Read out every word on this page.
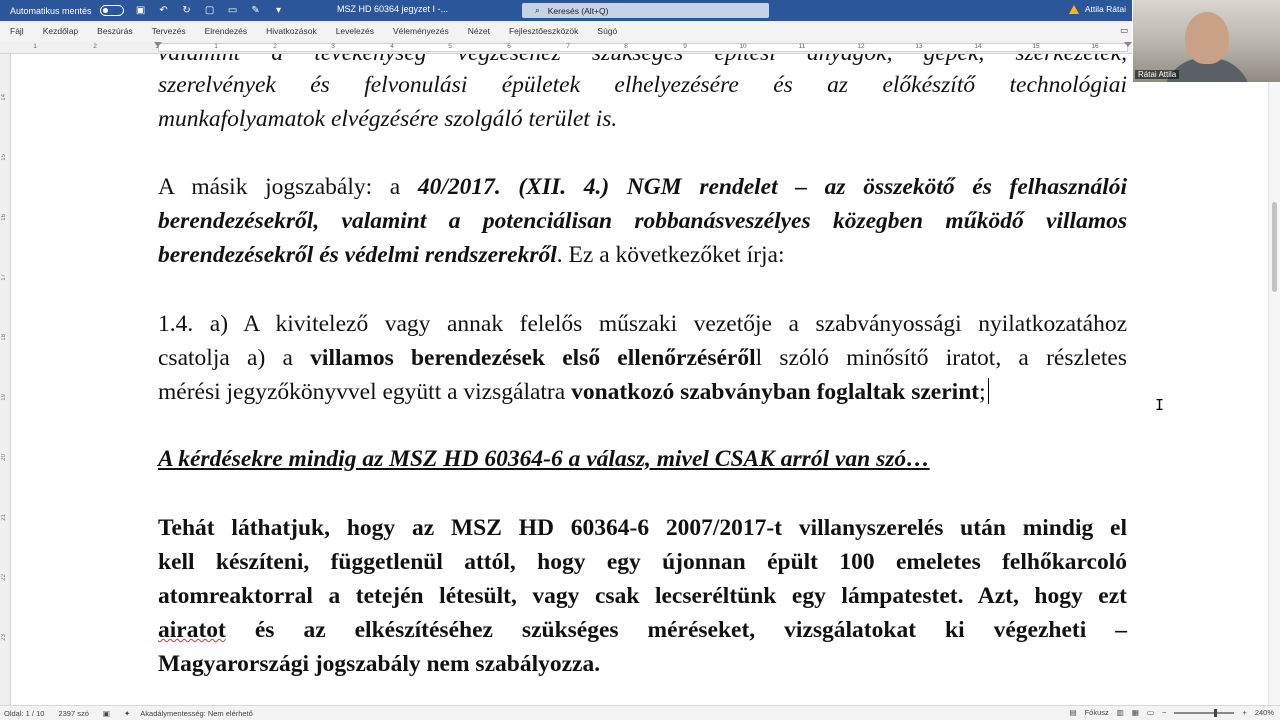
Automatikus mentés	▣ ↶ ↻ ▢ ▭ ✎	▾	MSZ HD 60364 jegyzet I -...	⌕ Keresés (Alt+Q)	Attila Rátai
Fájl Kezdőlap Beszúrás Tervezés Elrendezés Hivatkozások Levelezés Véleményezés Nézet Fejlesztőeszközök Súgó	▭
1	2	1	1	2	3	4	5	6	7	8	9	10	11	12	13	14	15	16
14
15
16
17
18
19
20
21
22
23
Rátai Attila
szerelvények és felvonulási épületek elhelyezésére és az előkészítő technológiai
munkafolyamatok elvégzésére szolgáló terület is.
A másik jogszabály: a 40/2017. (XII. 4.) NGM rendelet – az összekötő és felhasználói
berendezésekről, valamint a potenciálisan robbanásveszélyes közegben működő villamos
berendezésekről és védelmi rendszerekről. Ez a következőket írja:
1.4. a) A kivitelező vagy annak felelős műszaki vezetője a szabványossági nyilatkozatához
csatolja a) a villamos berendezések első ellenőrzésérőll szóló minősítő iratot, a részletes
mérési jegyzőkönyvvel együtt a vizsgálatra vonatkozó szabványban foglaltak szerint;
A kérdésekre mindig az MSZ HD 60364-6 a válasz, mivel CSAK arról van szó…
Tehát láthatjuk, hogy az MSZ HD 60364-6 2007/2017-t villanyszerelés után mindig el
kell készíteni, függetlenül attól, hogy egy újonnan épült 100 emeletes felhőkarcoló
atomreaktorral a tetején létesült, vagy csak lecseréltünk egy lámpatestet. Azt, hogy ezt
airatot és az elkészítéséhez szükséges méréseket, vizsgálatokat ki végezheti –
Magyarországi jogszabály nem szabályozza.
I
Oldal: 1 / 10 2397 szó ▣ ✦ Akadálymentesség: Nem elérhető	▤ Fókusz ▥ ▦ ▭ −	+ 240%
